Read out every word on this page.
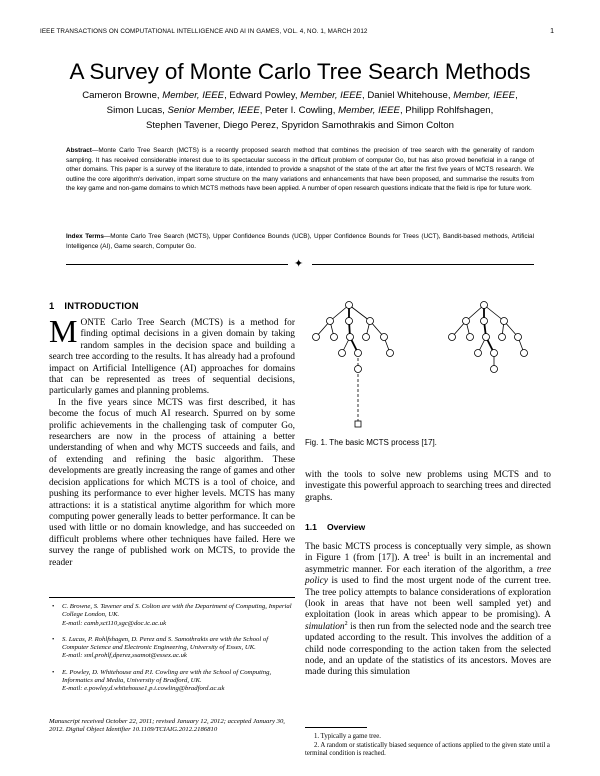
IEEE TRANSACTIONS ON COMPUTATIONAL INTELLIGENCE AND AI IN GAMES, VOL. 4, NO. 1, MARCH 2012	1
A Survey of Monte Carlo Tree Search Methods
Cameron Browne, Member, IEEE, Edward Powley, Member, IEEE, Daniel Whitehouse, Member, IEEE,
Simon Lucas, Senior Member, IEEE, Peter I. Cowling, Member, IEEE, Philipp Rohlfshagen,
Stephen Tavener, Diego Perez, Spyridon Samothrakis and Simon Colton
Abstract—Monte Carlo Tree Search (MCTS) is a recently proposed search method that combines the precision of tree search with the generality of random sampling. It has received considerable interest due to its spectacular success in the difficult problem of computer Go, but has also proved beneficial in a range of other domains. This paper is a survey of the literature to date, intended to provide a snapshot of the state of the art after the first five years of MCTS research. We outline the core algorithm's derivation, impart some structure on the many variations and enhancements that have been proposed, and summarise the results from the key game and non-game domains to which MCTS methods have been applied. A number of open research questions indicate that the field is ripe for future work.
Index Terms—Monte Carlo Tree Search (MCTS), Upper Confidence Bounds (UCB), Upper Confidence Bounds for Trees (UCT), Bandit-based methods, Artificial Intelligence (AI), Game search, Computer Go.
✦
1 INTRODUCTION

MONTE Carlo Tree Search (MCTS) is a method for finding optimal decisions in a given domain by taking random samples in the decision space and building a search tree according to the results. It has already had a profound impact on Artificial Intelligence (AI) approaches for domains that can be represented as trees of sequential decisions, particularly games and planning problems.

In the five years since MCTS was first described, it has become the focus of much AI research. Spurred on by some prolific achievements in the challenging task of computer Go, researchers are now in the process of attaining a better understanding of when and why MCTS succeeds and fails, and of extending and refining the basic algorithm. These developments are greatly increasing the range of games and other decision applications for which MCTS is a tool of choice, and pushing its performance to ever higher levels. MCTS has many attractions: it is a statistical anytime algorithm for which more computing power generally leads to better performance. It can be used with little or no domain knowledge, and has succeeded on difficult problems where other techniques have failed. Here we survey the range of published work on MCTS, to provide the reader

• C. Browne, S. Tavener and S. Colton are with the Department of Computing, Imperial College London, UK.
E-mail: camb,sct110,sgc@doc.ic.ac.uk
• S. Lucas, P. Rohlfshagen, D. Perez and S. Samothrakis are with the School of Computer Science and Electronic Engineering, University of Essex, UK.
E-mail: sml,prohlf,dperez,ssamot@essex.ac.uk
• E. Powley, D. Whitehouse and P.I. Cowling are with the School of Computing, Informatics and Media, University of Bradford, UK.
E-mail: e.powley,d.whitehouse1,p.i.cowling@bradford.ac.uk
Manuscript received October 22, 2011; revised January 12, 2012; accepted January 30, 2012. Digital Object Identifier 10.1109/TCIAIG.2012.2186810
Fig. 1. The basic MCTS process [17].
with the tools to solve new problems using MCTS and to investigate this powerful approach to searching trees and directed graphs.
1.1 Overview
The basic MCTS process is conceptually very simple, as shown in Figure 1 (from [17]). A tree$^1$ is built in an incremental and asymmetric manner. For each iteration of the algorithm, a tree policy is used to find the most urgent node of the current tree. The tree policy attempts to balance considerations of exploration (look in areas that have not been well sampled yet) and exploitation (look in areas which appear to be promising). A simulation$^2$ is then run from the selected node and the search tree updated according to the result. This involves the addition of a child node corresponding to the action taken from the selected node, and an update of the statistics of its ancestors. Moves are made during this simulation
1. Typically a game tree.
2. A random or statistically biased sequence of actions applied to the given state until a terminal condition is reached.
